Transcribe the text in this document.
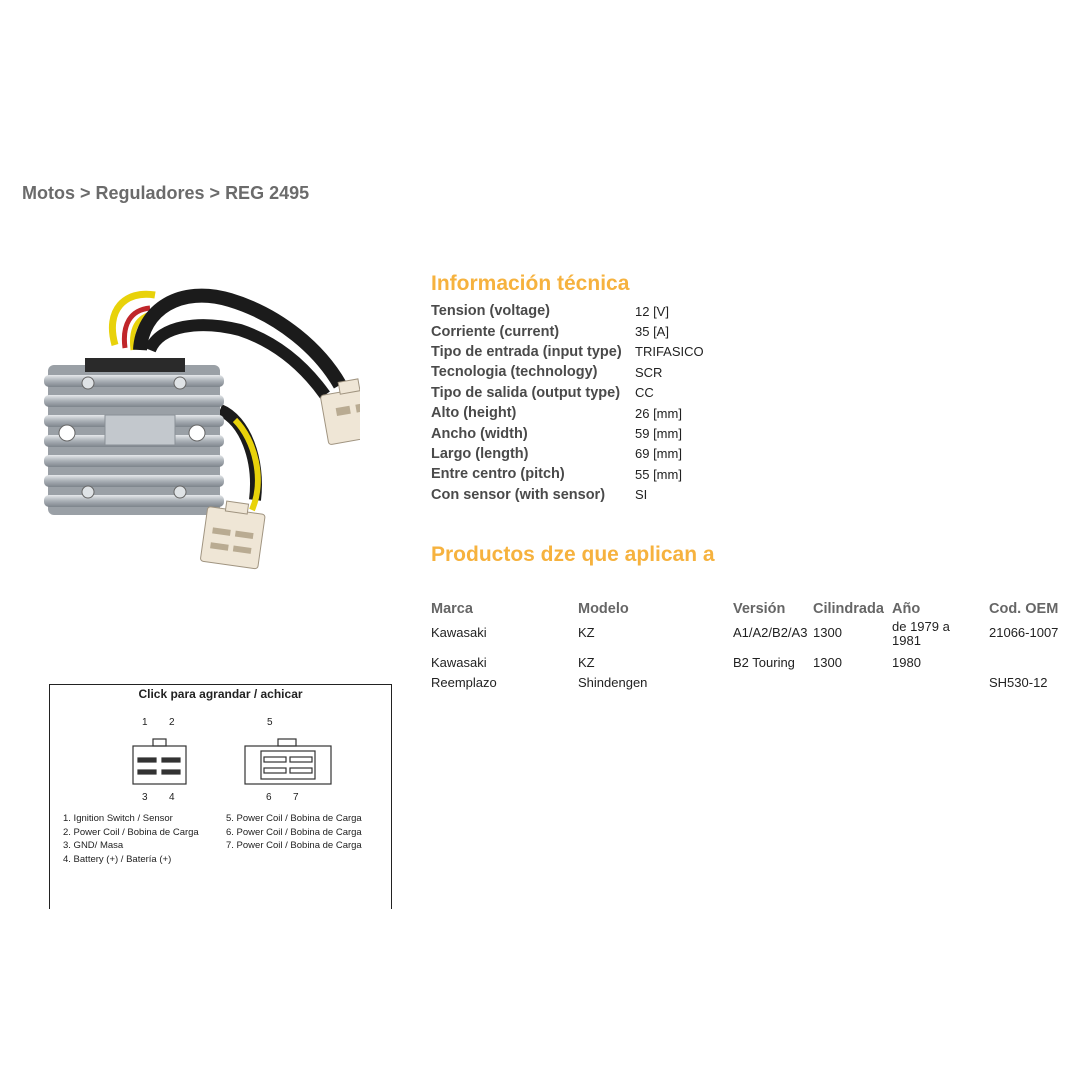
Motos > Reguladores > REG 2495
Información técnica
Tension (voltage)	12 [V]
Corriente (current)	35 [A]
Tipo de entrada (input type)	TRIFASICO
Tecnologia (technology)	SCR
Tipo de salida (output type)	CC
Alto (height)	26 [mm]
Ancho (width)	59 [mm]
Largo (length)	69 [mm]
Entre centro (pitch)	55 [mm]
Con sensor (with sensor)	SI
Productos dze que aplican a
Marca	Modelo	Versión	Cilindrada	Año	Cod. OEM
Kawasaki	KZ	A1/A2/B2/A3	1300	de 1979 a 1981	21066-1007
Kawasaki	KZ	B2 Touring	1300	1980	
Reemplazo	Shindengen				SH530-12
Click para agrandar / achicar
1 2	5
3 4	6 7
1. Ignition Switch / Sensor
2. Power Coil / Bobina de Carga
3. GND/ Masa
4. Battery (+) / Batería (+)
5. Power Coil / Bobina de Carga
6. Power Coil / Bobina de Carga
7. Power Coil / Bobina de Carga
